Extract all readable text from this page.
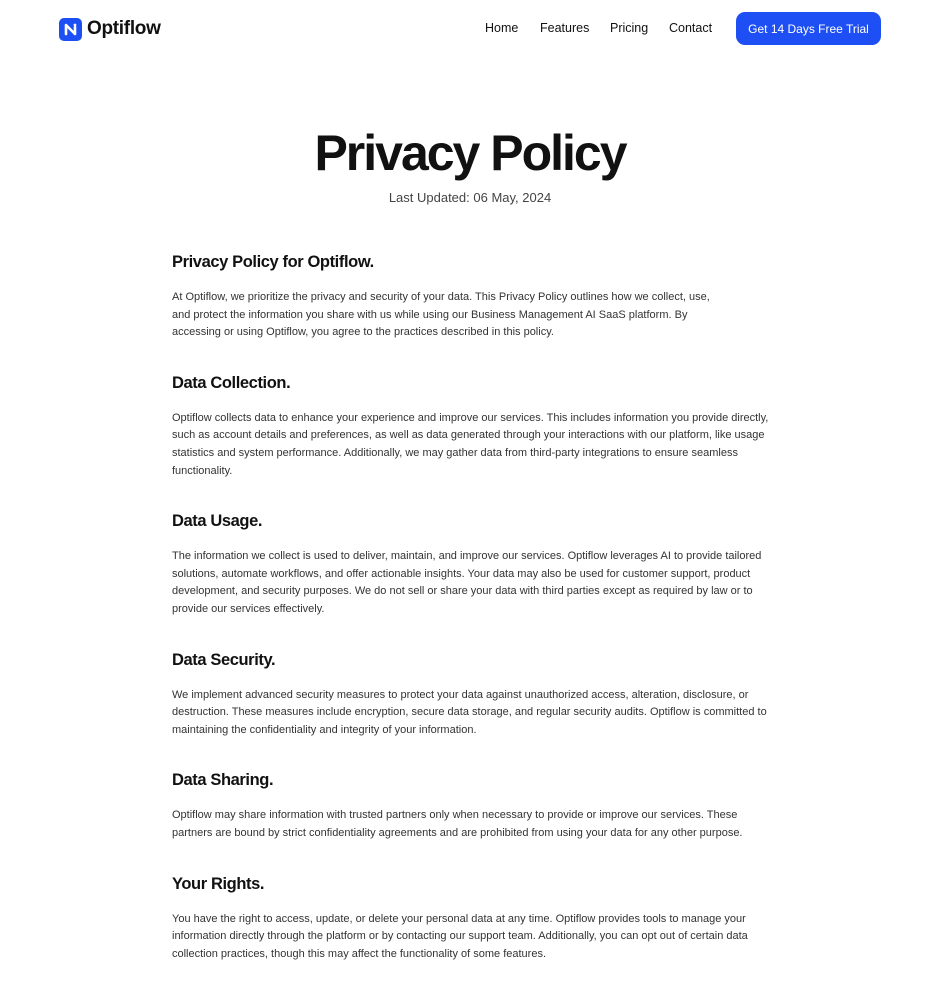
Optiflow	Home Features Pricing Contact	Get 14 Days Free Trial
Privacy Policy
Last Updated: 06 May, 2024
Privacy Policy for Optiflow.

At Optiflow, we prioritize the privacy and security of your data. This Privacy Policy outlines how we collect, use, and protect the information you share with us while using our Business Management AI SaaS platform. By accessing or using Optiflow, you agree to the practices described in this policy.

Data Collection.

Optiflow collects data to enhance your experience and improve our services. This includes information you provide directly, such as account details and preferences, as well as data generated through your interactions with our platform, like usage statistics and system performance. Additionally, we may gather data from third-party integrations to ensure seamless functionality.

Data Usage.

The information we collect is used to deliver, maintain, and improve our services. Optiflow leverages AI to provide tailored solutions, automate workflows, and offer actionable insights. Your data may also be used for customer support, product development, and security purposes. We do not sell or share your data with third parties except as required by law or to provide our services effectively.

Data Security.

We implement advanced security measures to protect your data against unauthorized access, alteration, disclosure, or destruction. These measures include encryption, secure data storage, and regular security audits. Optiflow is committed to maintaining the confidentiality and integrity of your information.

Data Sharing.

Optiflow may share information with trusted partners only when necessary to provide or improve our services. These partners are bound by strict confidentiality agreements and are prohibited from using your data for any other purpose.

Your Rights.

You have the right to access, update, or delete your personal data at any time. Optiflow provides tools to manage your information directly through the platform or by contacting our support team. Additionally, you can opt out of certain data collection practices, though this may affect the functionality of some features.
